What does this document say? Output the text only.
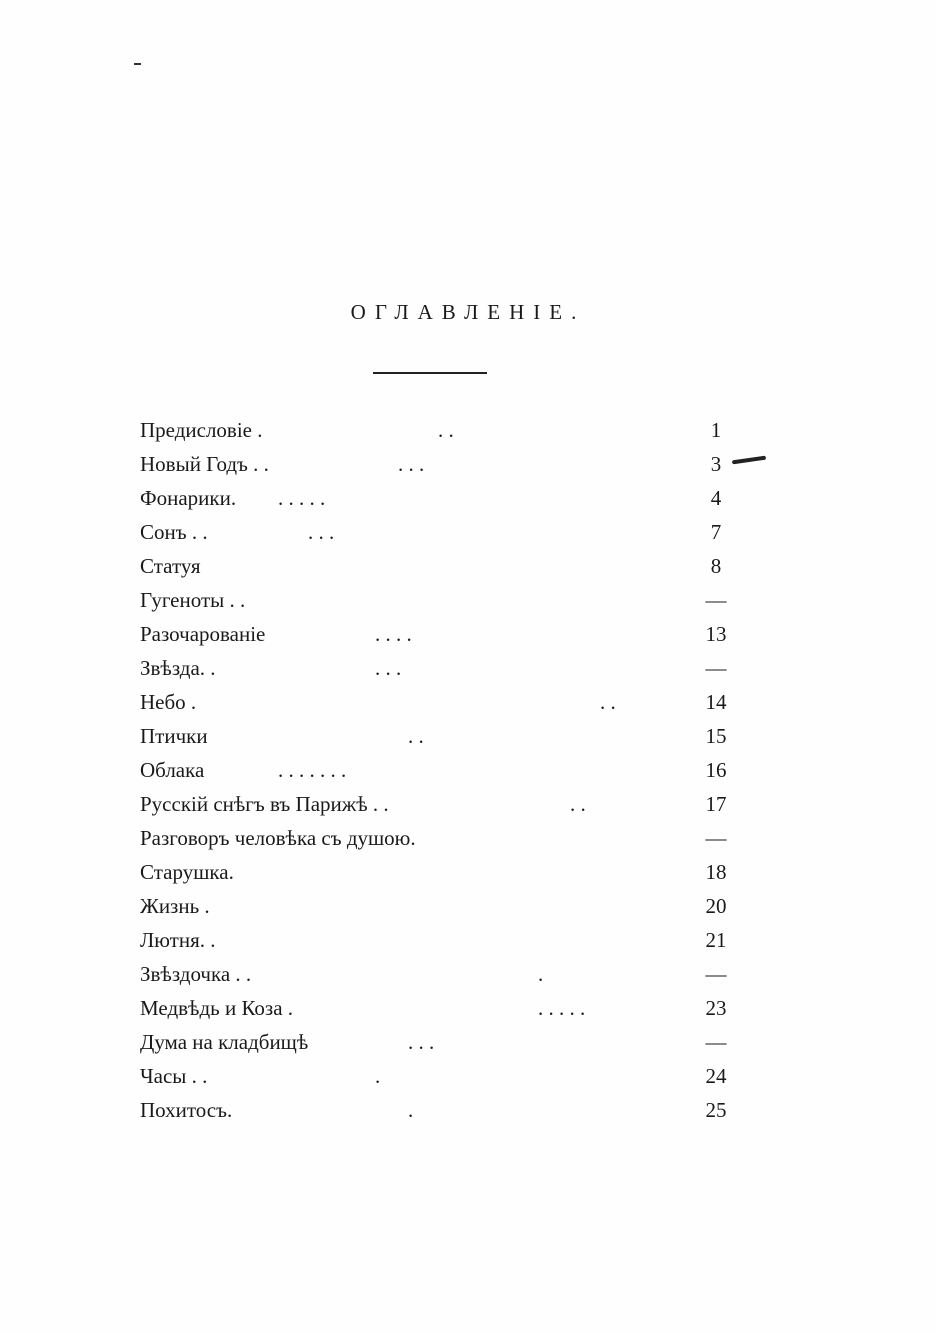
ОГЛАВЛЕНIЕ.
Предисловiе .	. .	1
Новый Годъ . .	. . .	3
Фонарики. . . . . .	4
Сонъ . .	. . .	7
Статуя	8
Гугеноты . .	—
Разочарованiе	. . . .	13
Звѣзда. .	. . .	—
Небо .	. .	14
Птички	. .	15
Облака	. . . . . . .	16
Русскiй снѣгъ въ Парижѣ . .	. .	17
Разговоръ человѣка съ душою.	—
Старушка.	18
Жизнь .	20
Лютня. .	21
Звѣздочка . .	.	—
Медвѣдь и Коза .	. . . . .	23
Дума на кладбищѣ	. . .	—
Часы . .	.	24
Похитосъ.	.	25
